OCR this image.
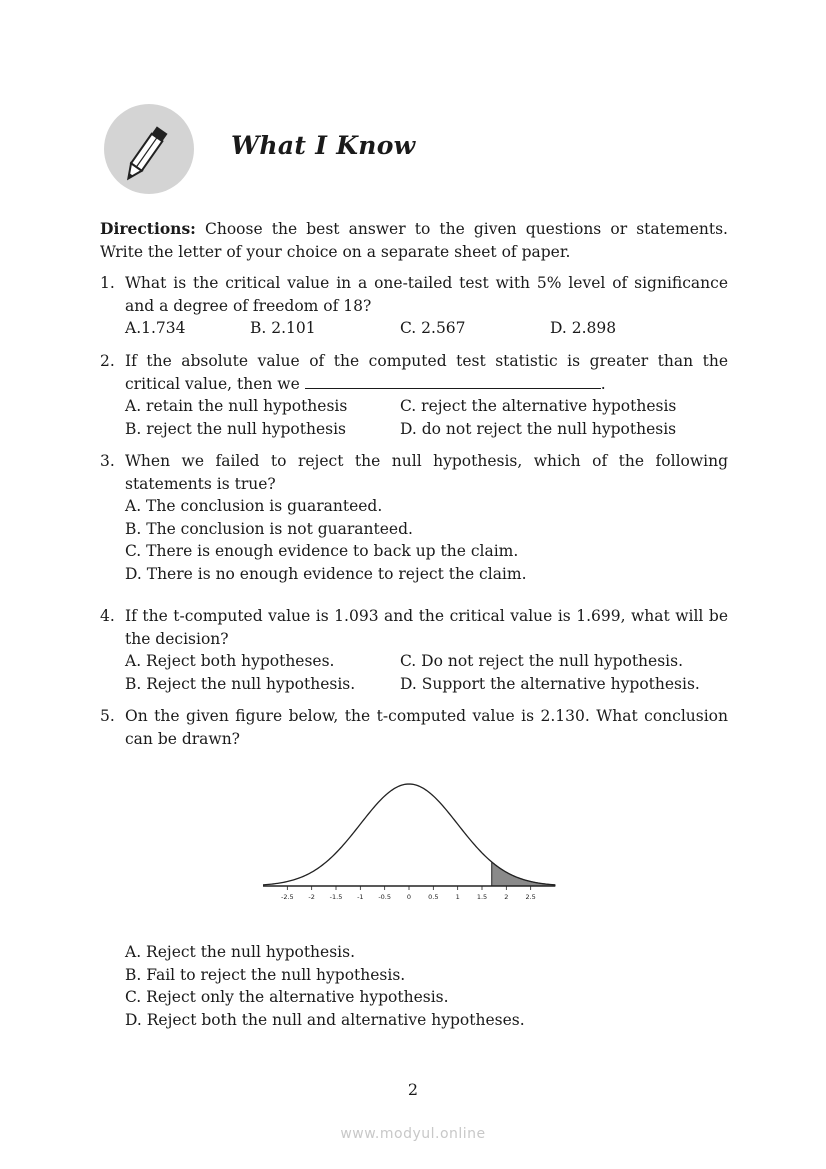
What I Know
Directions: Choose the best answer to the given questions or statements. Write the letter of your choice on a separate sheet of paper.
1. What is the critical value in a one-tailed test with 5% level of significance and a degree of freedom of 18?
A.1.734	B. 2.101	C. 2.567	D. 2.898
2. If the absolute value of the computed test statistic is greater than the critical value, then we	.
A. retain the null hypothesis	C. reject the alternative hypothesis
B. reject the null hypothesis	D. do not reject the null hypothesis
3. When we failed to reject the null hypothesis, which of the following statements is true?
A. The conclusion is guaranteed.
B. The conclusion is not guaranteed.
C. There is enough evidence to back up the claim.
D. There is no enough evidence to reject the claim.
4. If the t-computed value is 1.093 and the critical value is 1.699, what will be the decision?
A. Reject both hypotheses.	C. Do not reject the null hypothesis.
B. Reject the null hypothesis.	D. Support the alternative hypothesis.
5. On the given figure below, the t-computed value is 2.130. What conclusion can be drawn?
-2.5 -2 -1.5 -1 -0.5 0	0.5	1	1.5	2	2.5
A. Reject the null hypothesis.
B. Fail to reject the null hypothesis.
C. Reject only the alternative hypothesis.
D. Reject both the null and alternative hypotheses.
2
www.modyul.online
